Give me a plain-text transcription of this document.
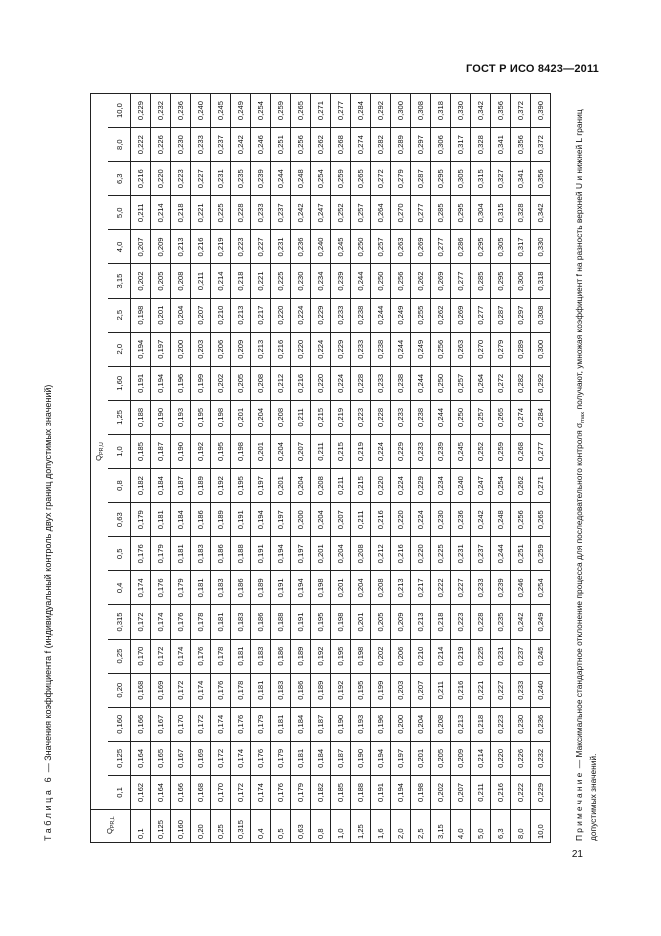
ГОСТ Р ИСО 8423—2011
Таблица 6 — Значения коэффициента f (индивидуальный контроль двух границ допустимых значений)
$Q_{PR,L}$	$Q_{PR,U}$
	0,1	0,125	0,160	0,20	0,25	0,315	0,4	0,5	0,63	0,8	1,0	1,25	1,60	2,0	2,5	3,15	4,0	5,0	6,3	8,0	10,0
0,1	0,162	0,164	0,166	0,168	0,170	0,172	0,174	0,176	0,179	0,182	0,185	0,188	0,191	0,194	0,198	0,202	0,207	0,211	0,216	0,222	0,229
0,125	0,164	0,165	0,167	0,169	0,172	0,174	0,176	0,179	0,181	0,184	0,187	0,190	0,194	0,197	0,201	0,205	0,209	0,214	0,220	0,226	0,232
0,160	0,166	0,167	0,170	0,172	0,174	0,176	0,179	0,181	0,184	0,187	0,190	0,193	0,196	0,200	0,204	0,208	0,213	0,218	0,223	0,230	0,236
0,20	0,168	0,169	0,172	0,174	0,176	0,178	0,181	0,183	0,186	0,189	0,192	0,195	0,199	0,203	0,207	0,211	0,216	0,221	0,227	0,233	0,240
0,25	0,170	0,172	0,174	0,176	0,178	0,181	0,183	0,186	0,189	0,192	0,195	0,198	0,202	0,206	0,210	0,214	0,219	0,225	0,231	0,237	0,245
0,315	0,172	0,174	0,176	0,178	0,181	0,183	0,186	0,188	0,191	0,195	0,198	0,201	0,205	0,209	0,213	0,218	0,223	0,228	0,235	0,242	0,249
0,4	0,174	0,176	0,179	0,181	0,183	0,186	0,189	0,191	0,194	0,197	0,201	0,204	0,208	0,213	0,217	0,221	0,227	0,233	0,239	0,246	0,254
0,5	0,176	0,179	0,181	0,183	0,186	0,188	0,191	0,194	0,197	0,201	0,204	0,208	0,212	0,216	0,220	0,225	0,231	0,237	0,244	0,251	0,259
0,63	0,179	0,181	0,184	0,186	0,189	0,191	0,194	0,197	0,200	0,204	0,207	0,211	0,216	0,220	0,224	0,230	0,236	0,242	0,248	0,256	0,265
0,8	0,182	0,184	0,187	0,189	0,192	0,195	0,198	0,201	0,204	0,208	0,211	0,215	0,220	0,224	0,229	0,234	0,240	0,247	0,254	0,262	0,271
1,0	0,185	0,187	0,190	0,192	0,195	0,198	0,201	0,204	0,207	0,211	0,215	0,219	0,224	0,229	0,233	0,239	0,245	0,252	0,259	0,268	0,277
1,25	0,188	0,190	0,193	0,195	0,198	0,201	0,204	0,208	0,211	0,215	0,219	0,223	0,228	0,233	0,238	0,244	0,250	0,257	0,265	0,274	0,284
1,6	0,191	0,194	0,196	0,199	0,202	0,205	0,208	0,212	0,216	0,220	0,224	0,228	0,233	0,238	0,244	0,250	0,257	0,264	0,272	0,282	0,292
2,0	0,194	0,197	0,200	0,203	0,206	0,209	0,213	0,216	0,220	0,224	0,229	0,233	0,238	0,244	0,249	0,256	0,263	0,270	0,279	0,289	0,300
2,5	0,198	0,201	0,204	0,207	0,210	0,213	0,217	0,220	0,224	0,229	0,233	0,238	0,244	0,249	0,255	0,262	0,269	0,277	0,287	0,297	0,308
3,15	0,202	0,205	0,208	0,211	0,214	0,218	0,222	0,225	0,230	0,234	0,239	0,244	0,250	0,256	0,262	0,269	0,277	0,285	0,295	0,306	0,318
4,0	0,207	0,209	0,213	0,216	0,219	0,223	0,227	0,231	0,236	0,240	0,245	0,250	0,257	0,263	0,269	0,277	0,286	0,295	0,305	0,317	0,330
5,0	0,211	0,214	0,218	0,221	0,225	0,228	0,233	0,237	0,242	0,247	0,252	0,257	0,264	0,270	0,277	0,285	0,295	0,304	0,315	0,328	0,342
6,3	0,216	0,220	0,223	0,227	0,231	0,235	0,239	0,244	0,248	0,254	0,259	0,265	0,272	0,279	0,287	0,295	0,305	0,315	0,327	0,341	0,356
8,0	0,222	0,226	0,230	0,233	0,237	0,242	0,246	0,251	0,256	0,262	0,268	0,274	0,282	0,289	0,297	0,306	0,317	0,328	0,341	0,356	0,372
10,0	0,229	0,232	0,236	0,240	0,245	0,249	0,254	0,259	0,265	0,271	0,277	0,284	0,292	0,300	0,308	0,318	0,330	0,342	0,356	0,372	0,390
Примечание — Максимальное стандартное отклонение процесса для последовательного контроля $\sigma_{max}$ получают, умножая коэффициент f на разность верхней U и нижней L границ допустимых значений.
21
